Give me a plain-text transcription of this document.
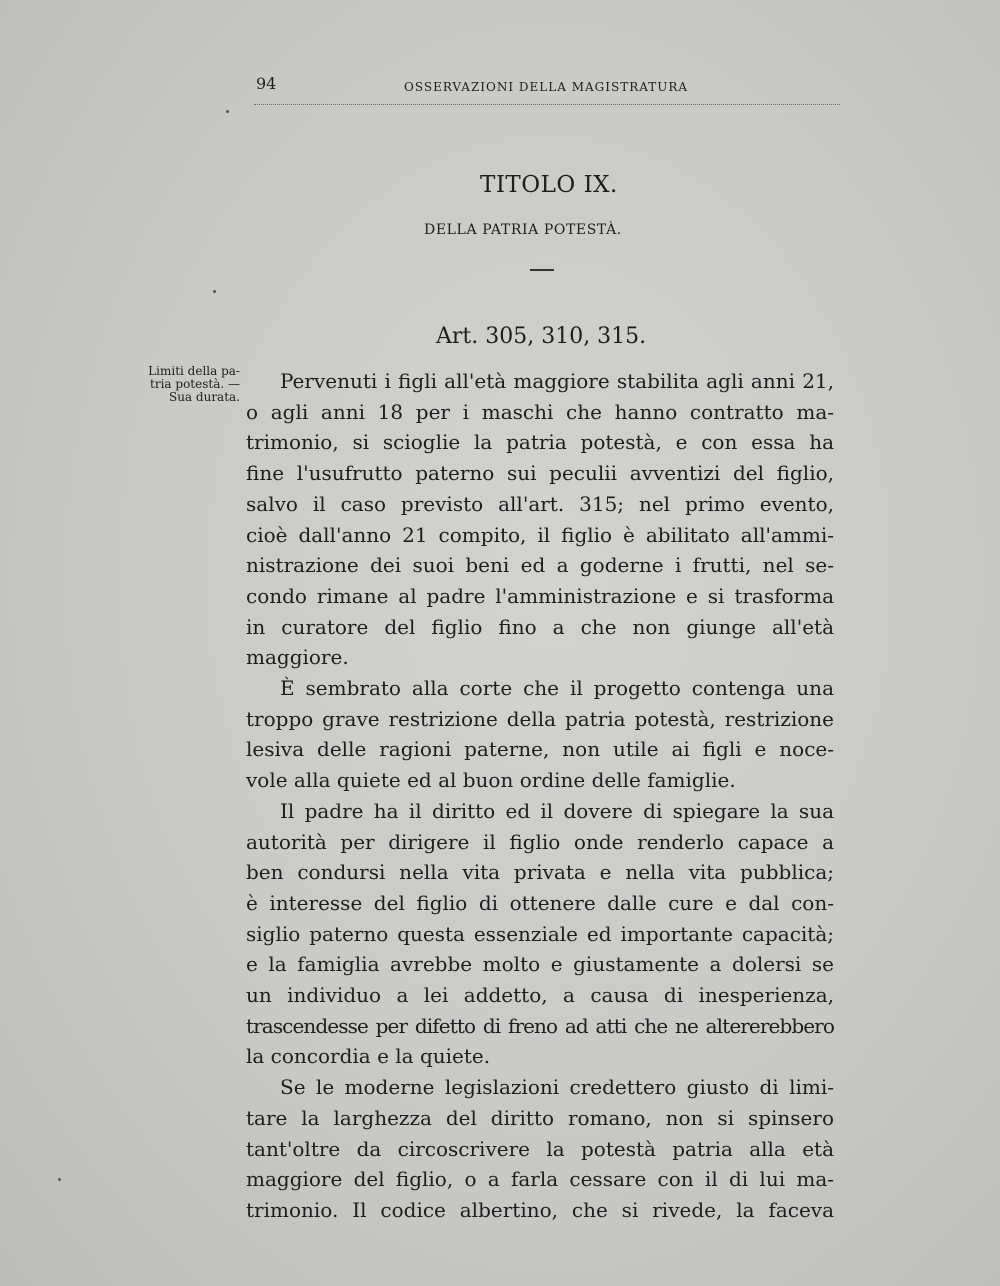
94	OSSERVAZIONI DELLA MAGISTRATURA
TITOLO IX.
DELLA PATRIA POTESTÀ.
Art. 305, 310, 315.
Limiti della pa-
tria potestà. —
Sua durata.
Pervenuti i figli all'età maggiore stabilita agli anni 21,
o agli anni 18 per i maschi che hanno contratto ma-
trimonio, si scioglie la patria potestà, e con essa ha
fine l'usufrutto paterno sui peculii avventizi del figlio,
salvo il caso previsto all'art. 315; nel primo evento,
cioè dall'anno 21 compito, il figlio è abilitato all'ammi-
nistrazione dei suoi beni ed a goderne i frutti, nel se-
condo rimane al padre l'amministrazione e si trasforma
in curatore del figlio fino a che non giunge all'età
maggiore.
È sembrato alla corte che il progetto contenga una
troppo grave restrizione della patria potestà, restrizione
lesiva delle ragioni paterne, non utile ai figli e noce-
vole alla quiete ed al buon ordine delle famiglie.
Il padre ha il diritto ed il dovere di spiegare la sua
autorità per dirigere il figlio onde renderlo capace a
ben condursi nella vita privata e nella vita pubblica;
è interesse del figlio di ottenere dalle cure e dal con-
siglio paterno questa essenziale ed importante capacità;
e la famiglia avrebbe molto e giustamente a dolersi se
un individuo a lei addetto, a causa di inesperienza,
trascendesse per difetto di freno ad atti che ne altererebbero
la concordia e la quiete.
Se le moderne legislazioni credettero giusto di limi-
tare la larghezza del diritto romano, non si spinsero
tant'oltre da circoscrivere la potestà patria alla età
maggiore del figlio, o a farla cessare con il di lui ma-
trimonio. Il codice albertino, che si rivede, la faceva
